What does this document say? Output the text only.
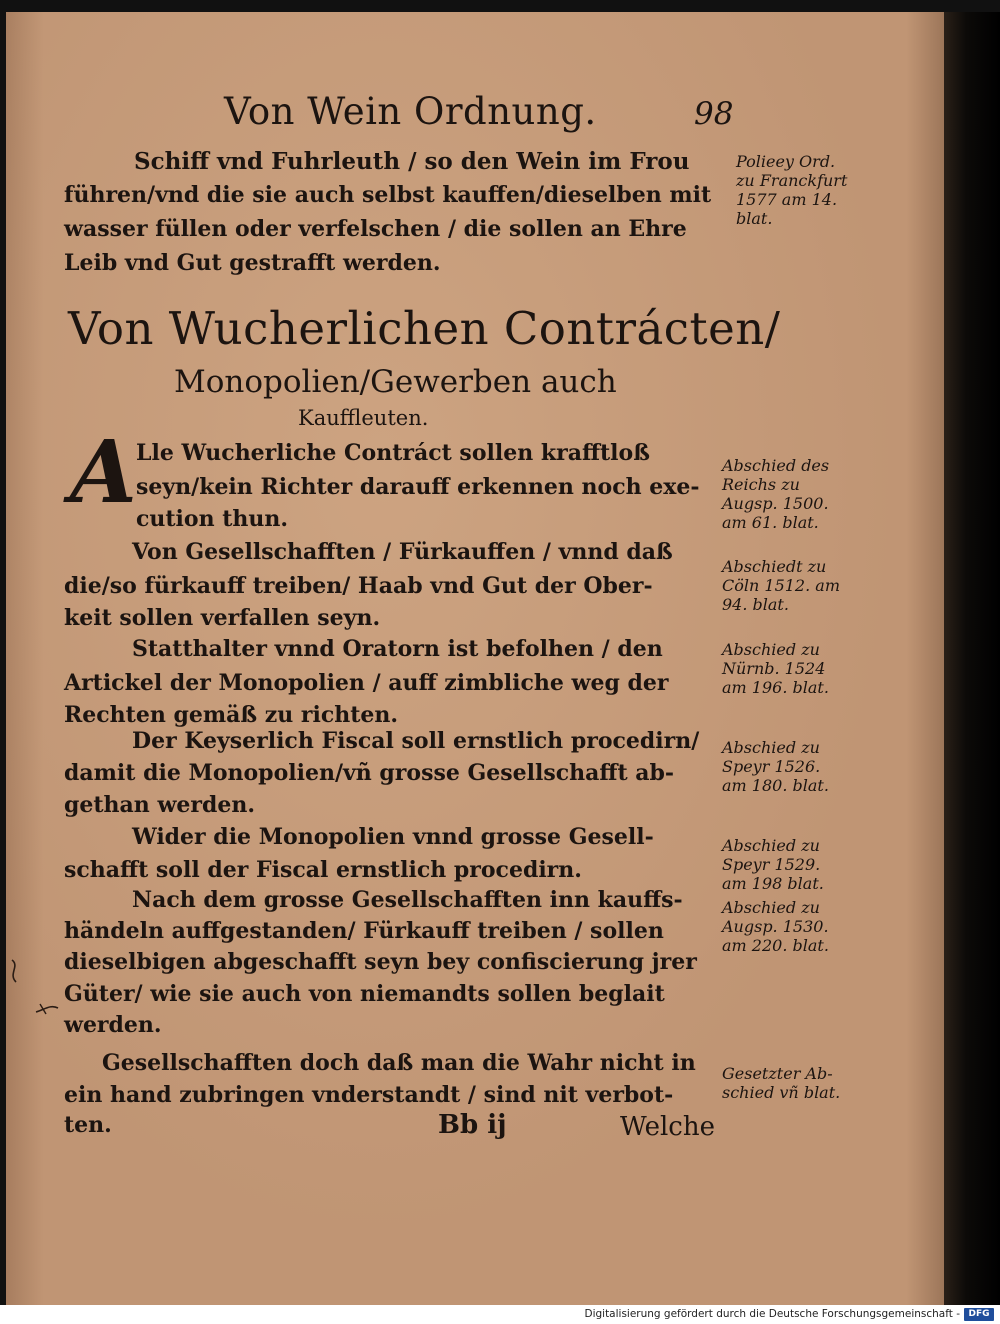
Von Wein Ordnung.	98
Schiff vnd Fuhrleuth / so den Wein im Frou
führen/vnd die sie auch selbst kauffen/dieselben mit
wasser füllen oder verfelschen / die sollen an Ehre
Leib vnd Gut gestrafft werden.
Polieey Ord.
zu Franckfurt
1577 am 14.
blat.
Von Wucherlichen Contrácten/
Monopolien/Gewerben auch
Kauffleuten.
A Lle Wucherliche Contráct sollen krafftloß
seyn/kein Richter darauff erkennen noch exe-
cution thun.
Abschied des
Reichs zu
Augsp. 1500.
am 61. blat.
Von Gesellschafften / Fürkauffen / vnnd daß
die/so fürkauff treiben/ Haab vnd Gut der Ober-
keit sollen verfallen seyn.
Abschiedt zu
Cöln 1512. am
94. blat.
Statthalter vnnd Oratorn ist befolhen / den
Artickel der Monopolien / auff zimbliche weg der
Rechten gemäß zu richten.
Abschied zu
Nürnb. 1524
am 196. blat.
Der Keyserlich Fiscal soll ernstlich procedirn/
damit die Monopolien/vñ grosse Gesellschafft ab-
gethan werden.
Abschied zu
Speyr 1526.
am 180. blat.
Wider die Monopolien vnnd grosse Gesell-
schafft soll der Fiscal ernstlich procedirn.
Abschied zu
Speyr 1529.
am 198 blat.
Nach dem grosse Gesellschafften inn kauffs-
händeln auffgestanden/ Fürkauff treiben / sollen
dieselbigen abgeschafft seyn bey confiscierung jrer
Güter/ wie sie auch von niemandts sollen beglait
werden.
Abschied zu
Augsp. 1530.
am 220. blat.
Gesellschafften doch daß man die Wahr nicht in
ein hand zubringen vnderstandt / sind nit verbot-
ten.
Gesetzter Ab-
schied vñ blat.
Bb ij	Welche
Digitalisierung gefördert durch die Deutsche Forschungsgemeinschaft - DFG
